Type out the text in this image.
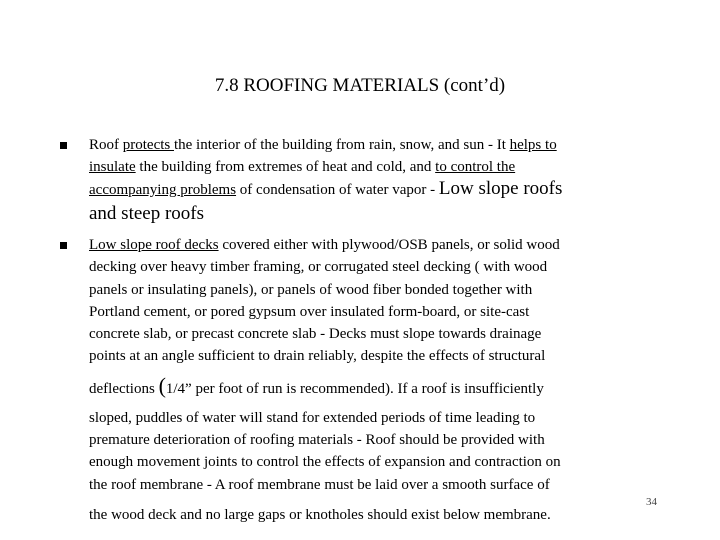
7.8 ROOFING MATERIALS (cont’d)
Roof protects the interior of the building from rain, snow, and sun - It helps to
insulate the building from extremes of heat and cold, and to control the
accompanying problems of condensation of water vapor - Low slope roofs
and steep roofs
Low slope roof decks covered either with plywood/OSB panels, or solid wood
decking over heavy timber framing, or corrugated steel decking ( with wood
panels or insulating panels), or panels of wood fiber bonded together with
Portland cement, or pored gypsum over insulated form-board, or site-cast
concrete slab, or precast concrete slab - Decks must slope towards drainage
points at an angle sufficient to drain reliably, despite the effects of structural
deflections (1/4” per foot of run is recommended). If a roof is insufficiently
sloped, puddles of water will stand for extended periods of time leading to
premature deterioration of roofing materials - Roof should be provided with
enough movement joints to control the effects of expansion and contraction on
the roof membrane - A roof membrane must be laid over a smooth surface of
the wood deck and no large gaps or knotholes should exist below membrane.
34
